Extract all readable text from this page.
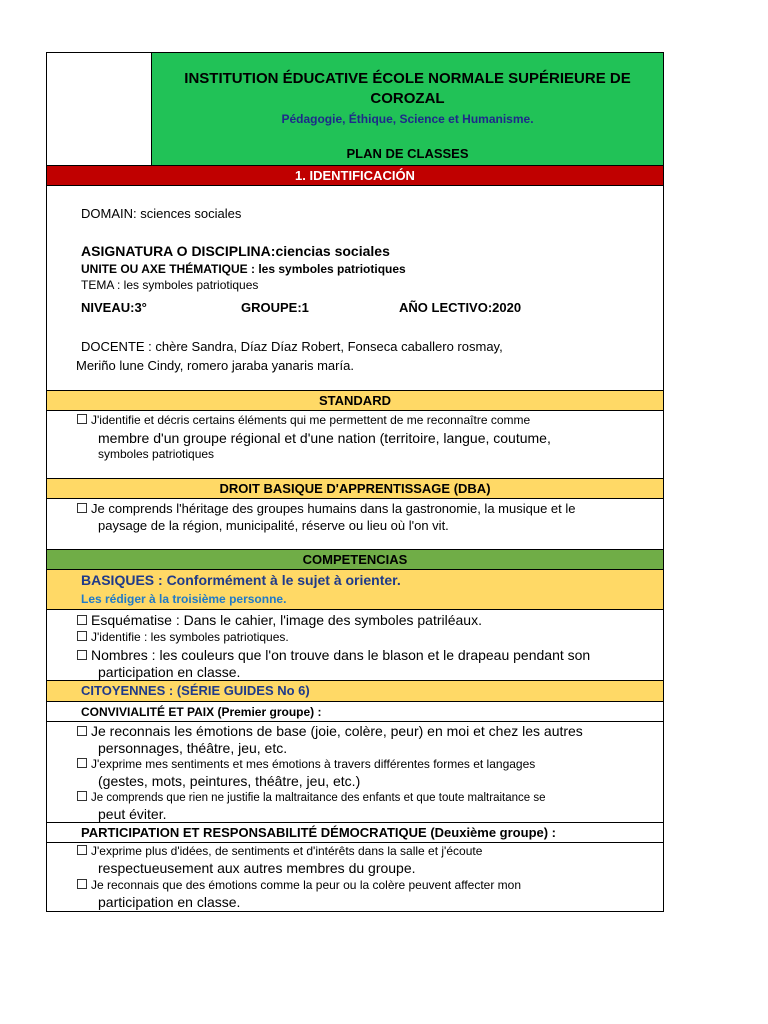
INSTITUTION ÉDUCATIVE ÉCOLE NORMALE SUPÉRIEURE DE COROZAL
Pédagogie, Éthique, Science et Humanisme.
PLAN DE CLASSES
1. IDENTIFICACIÓN
DOMAIN: sciences sociales
ASIGNATURA O DISCIPLINA:ciencias sociales
UNITE OU AXE THÉMATIQUE : les symboles patriotiques
TEMA : les symboles patriotiques
NIVEAU:3°	GROUPE:1	AÑO LECTIVO:2020
DOCENTE : chère Sandra, Díaz Díaz Robert, Fonseca caballero rosmay,
Meriño lune Cindy, romero jaraba yanaris maría.
STANDARD
J'identifie et décris certains éléments qui me permettent de me reconnaître comme
membre d'un groupe régional et d'une nation (territoire, langue, coutume,
symboles patriotiques
DROIT BASIQUE D'APPRENTISSAGE (DBA)
Je comprends l'héritage des groupes humains dans la gastronomie, la musique et le
paysage de la région, municipalité, réserve ou lieu où l'on vit.
COMPETENCIAS
BASIQUES : Conformément à le sujet à orienter.
Les rédiger à la troisième personne.
Esquématise : Dans le cahier, l'image des symboles patriléaux.
J'identifie : les symboles patriotiques.
Nombres : les couleurs que l'on trouve dans le blason et le drapeau pendant son
participation en classe.
CITOYENNES : (SÉRIE GUIDES No 6)
CONVIVIALITÉ ET PAIX (Premier groupe) :
Je reconnais les émotions de base (joie, colère, peur) en moi et chez les autres
personnages, théâtre, jeu, etc.
J'exprime mes sentiments et mes émotions à travers différentes formes et langages
(gestes, mots, peintures, théâtre, jeu, etc.)
Je comprends que rien ne justifie la maltraitance des enfants et que toute maltraitance se
peut éviter.
PARTICIPATION ET RESPONSABILITÉ DÉMOCRATIQUE (Deuxième groupe) :
J'exprime plus d'idées, de sentiments et d'intérêts dans la salle et j'écoute
respectueusement aux autres membres du groupe.
Je reconnais que des émotions comme la peur ou la colère peuvent affecter mon
participation en classe.
